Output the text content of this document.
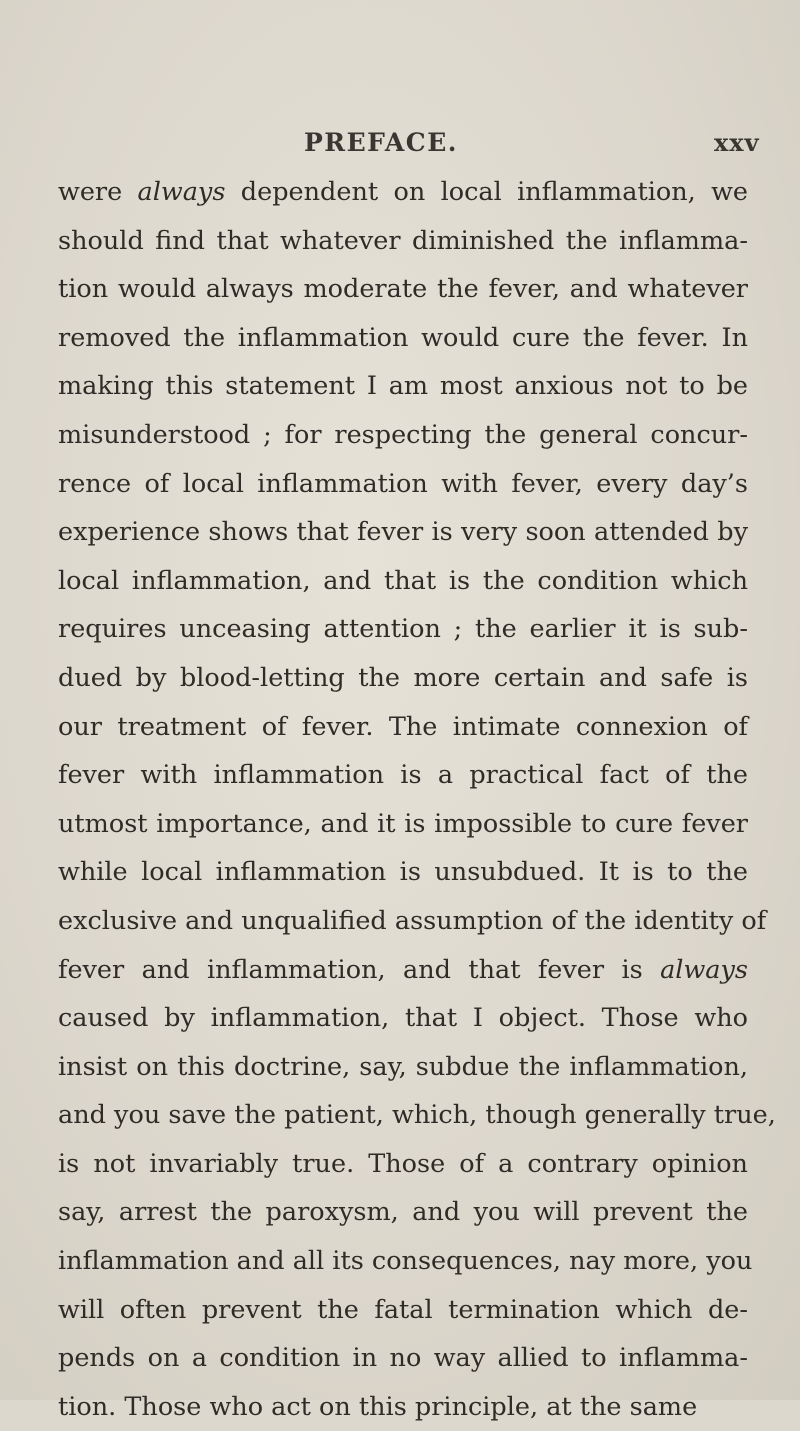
PREFACE.	xxv
were always dependent on local inflammation, we
should find that whatever diminished the inflamma-
tion would always moderate the fever, and whatever
removed the inflammation would cure the fever. In
making this statement I am most anxious not to be
misunderstood ; for respecting the general concur-
rence of local inflammation with fever, every day’s
experience shows that fever is very soon attended by
local inflammation, and that is the condition which
requires unceasing attention ; the earlier it is sub-
dued by blood-letting the more certain and safe is
our treatment of fever. The intimate connexion of
fever with inflammation is a practical fact of the
utmost importance, and it is impossible to cure fever
while local inflammation is unsubdued. It is to the
exclusive and unqualified assumption of the identity of
fever and inflammation, and that fever is always
caused by inflammation, that I object. Those who
insist on this doctrine, say, subdue the inflammation,
and you save the patient, which, though generally true,
is not invariably true. Those of a contrary opinion
say, arrest the paroxysm, and you will prevent the
inflammation and all its consequences, nay more, you
will often prevent the fatal termination which de-
pends on a condition in no way allied to inflamma-
tion. Those who act on this principle, at the same
